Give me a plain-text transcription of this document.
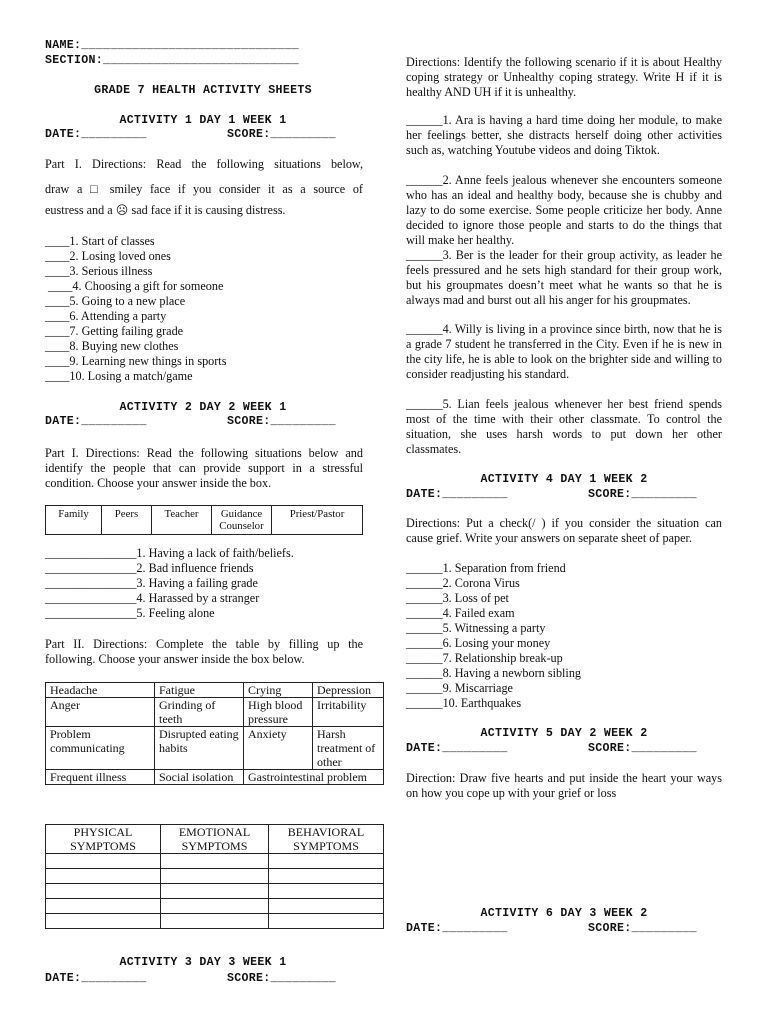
NAME:______________________________
SECTION:___________________________
GRADE 7 HEALTH ACTIVITY SHEETS
ACTIVITY 1 DAY 1 WEEK 1
DATE:_________	SCORE:_________
Part I. Directions: Read the following situations below,
draw a □ smiley face if you consider it as a source of
eustress and a ☹ sad face if it is causing distress.
____1. Start of classes
____2. Losing loved ones
____3. Serious illness
____4. Choosing a gift for someone
____5. Going to a new place
____6. Attending a party
____7. Getting failing grade
____8. Buying new clothes
____9. Learning new things in sports
____10. Losing a match/game
ACTIVITY 2 DAY 2 WEEK 1
DATE:_________	SCORE:_________
Part I. Directions: Read the following situations below and identify the people that can provide support in a stressful condition. Choose your answer inside the box.
Family	Peers	Teacher	Guidance Counselor	Priest/Pastor
_______________1. Having a lack of faith/beliefs.
_______________2. Bad influence friends
_______________3. Having a failing grade
_______________4. Harassed by a stranger
_______________5. Feeling alone
Part II. Directions: Complete the table by filling up the following. Choose your answer inside the box below.
Headache	Fatigue	Crying	Depression
Anger	Grinding of teeth	High blood pressure	Irritability
Problem communicating	Disrupted eating habits	Anxiety	Harsh treatment of other
Frequent illness	Social isolation	Gastrointestinal problem	
PHYSICAL SYMPTOMS	EMOTIONAL SYMPTOMS	BEHAVIORAL SYMPTOMS

ACTIVITY 3 DAY 3 WEEK 1
DATE:_________	SCORE:_________
Directions: Identify the following scenario if it is about Healthy coping strategy or Unhealthy coping strategy. Write H if it is healthy AND UH if it is unhealthy.
______1. Ara is having a hard time doing her module, to make her feelings better, she distracts herself doing other activities such as, watching Youtube videos and doing Tiktok.
______2. Anne feels jealous whenever she encounters someone who has an ideal and healthy body, because she is chubby and lazy to do some exercise. Some people criticize her body. Anne decided to ignore those people and starts to do the things that will make her healthy.
______3. Ber is the leader for their group activity, as leader he feels pressured and he sets high standard for their group work, but his groupmates doesn’t meet what he wants so that he is always mad and burst out all his anger for his groupmates.
______4. Willy is living in a province since birth, now that he is a grade 7 student he transferred in the City. Even if he is new in the city life, he is able to look on the brighter side and willing to consider readjusting his standard.
______5. Lian feels jealous whenever her best friend spends most of the time with their other classmate. To control the situation, she uses harsh words to put down her other classmates.
ACTIVITY 4 DAY 1 WEEK 2
DATE:_________	SCORE:_________
Directions: Put a check(/ ) if you consider the situation can cause grief. Write your answers on separate sheet of paper.
______1. Separation from friend
______2. Corona Virus
______3. Loss of pet
______4. Failed exam
______5. Witnessing a party
______6. Losing your money
______7. Relationship break-up
______8. Having a newborn sibling
______9. Miscarriage
______10. Earthquakes
ACTIVITY 5 DAY 2 WEEK 2
DATE:_________	SCORE:_________
Direction: Draw five hearts and put inside the heart your ways on how you cope up with your grief or loss
ACTIVITY 6 DAY 3 WEEK 2
DATE:_________	SCORE:_________
